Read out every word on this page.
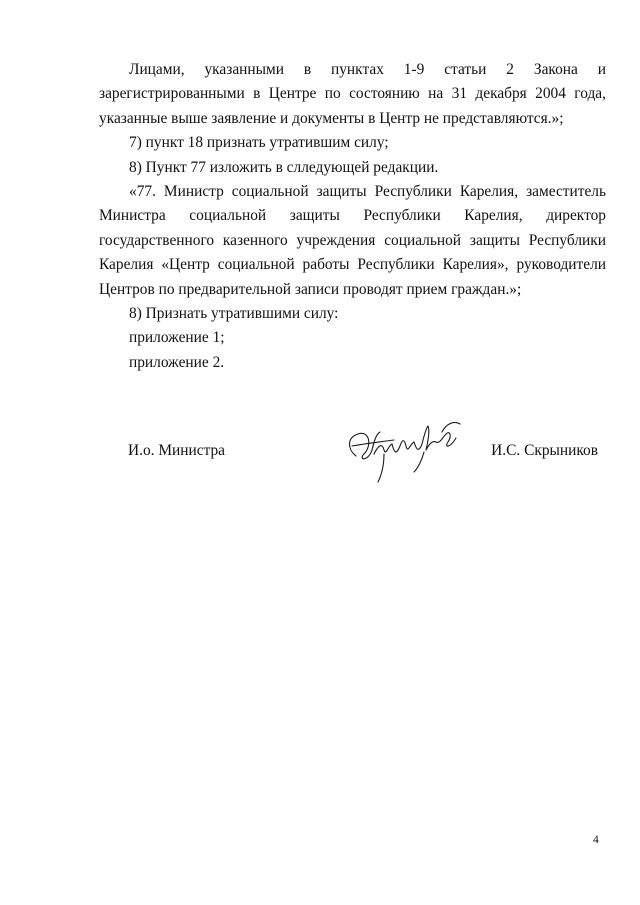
Лицами, указанными в пунктах 1-9 статьи 2 Закона и зарегистрированными в Центре по состоянию на 31 декабря 2004 года, указанные выше заявление и документы в Центр не представляются.»;

7) пункт 18 признать утратившим силу;

8) Пункт 77 изложить в слледующей редакции.

«77. Министр социальной защиты Республики Карелия, заместитель Министра социальной защиты Республики Карелия, директор государственного казенного учреждения социальной защиты Республики Карелия «Центр социальной работы Республики Карелия», руководители Центров по предварительной записи проводят прием граждан.»;

8) Признать утратившими силу:

приложение 1;

приложение 2.

И.о. Министра	И.С. Скрыников
4
